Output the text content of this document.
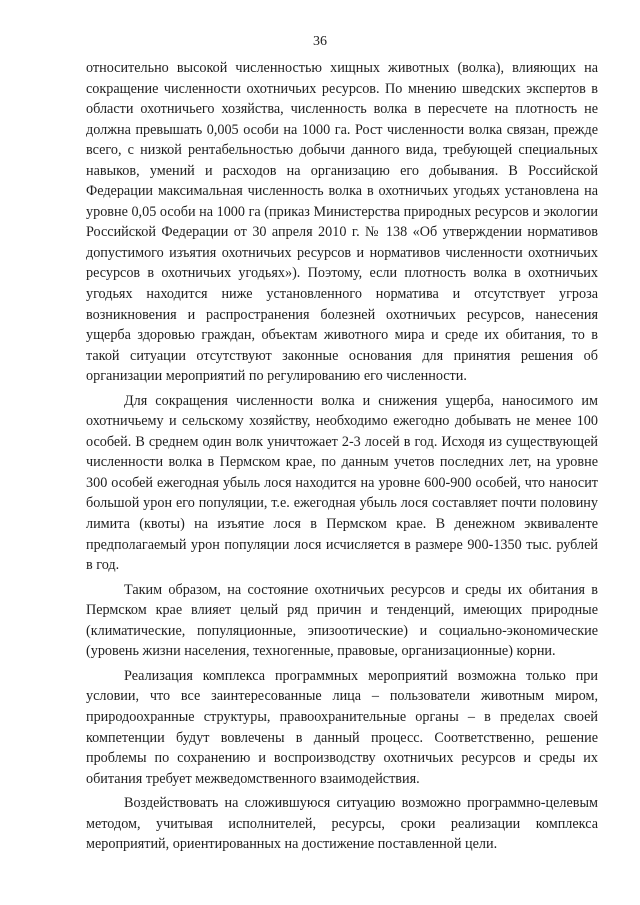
36

относительно высокой численностью хищных животных (волка), влияющих на сокращение численности охотничьих ресурсов. По мнению шведских экспертов в области охотничьего хозяйства, численность волка в пересчете на плотность не должна превышать 0,005 особи на 1000 га. Рост численности волка связан, прежде всего, с низкой рентабельностью добычи данного вида, требующей специальных навыков, умений и расходов на организацию его добывания. В Российской Федерации максимальная численность волка в охотничьих угодьях установлена на уровне 0,05 особи на 1000 га (приказ Министерства природных ресурсов и экологии Российской Федерации от 30 апреля 2010 г. № 138 «Об утверждении нормативов допустимого изъятия охотничьих ресурсов и нормативов численности охотничьих ресурсов в охотничьих угодьях»). Поэтому, если плотность волка в охотничьих угодьях находится ниже установленного норматива и отсутствует угроза возникновения и распространения болезней охотничьих ресурсов, нанесения ущерба здоровью граждан, объектам животного мира и среде их обитания, то в такой ситуации отсутствуют законные основания для принятия решения об организации мероприятий по регулированию его численности.

Для сокращения численности волка и снижения ущерба, наносимого им охотничьему и сельскому хозяйству, необходимо ежегодно добывать не менее 100 особей. В среднем один волк уничтожает 2-3 лосей в год. Исходя из существующей численности волка в Пермском крае, по данным учетов последних лет, на уровне 300 особей ежегодная убыль лося находится на уровне 600-900 особей, что наносит большой урон его популяции, т.е. ежегодная убыль лося составляет почти половину лимита (квоты) на изъятие лося в Пермском крае. В денежном эквиваленте предполагаемый урон популяции лося исчисляется в размере 900-1350 тыс. рублей в год.

Таким образом, на состояние охотничьих ресурсов и среды их обитания в Пермском крае влияет целый ряд причин и тенденций, имеющих природные (климатические, популяционные, эпизоотические) и социально-экономические (уровень жизни населения, техногенные, правовые, организационные) корни.

Реализация комплекса программных мероприятий возможна только при условии, что все заинтересованные лица – пользователи животным миром, природоохранные структуры, правоохранительные органы – в пределах своей компетенции будут вовлечены в данный процесс. Соответственно, решение проблемы по сохранению и воспроизводству охотничьих ресурсов и среды их обитания требует межведомственного взаимодействия.

Воздействовать на сложившуюся ситуацию возможно программно-целевым методом, учитывая исполнителей, ресурсы, сроки реализации комплекса мероприятий, ориентированных на достижение поставленной цели.
